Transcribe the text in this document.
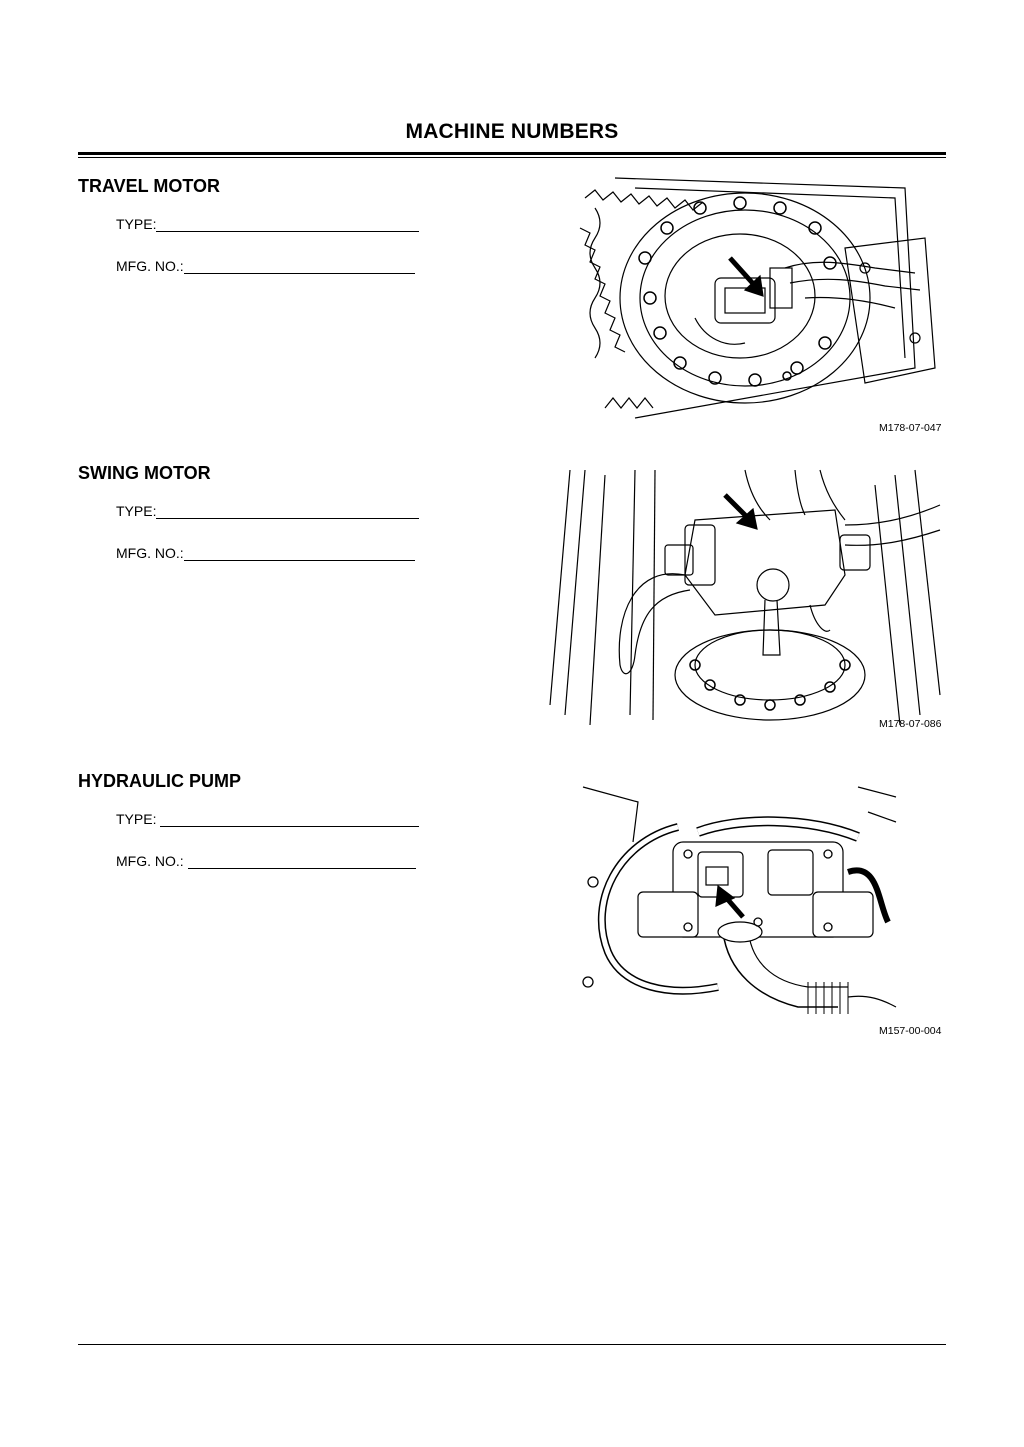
MACHINE NUMBERS
TRAVEL MOTOR
TYPE:
MFG. NO.:
M178-07-047
SWING MOTOR
TYPE:
MFG. NO.:
M178-07-086
HYDRAULIC PUMP
TYPE:
MFG. NO.:
M157-00-004
